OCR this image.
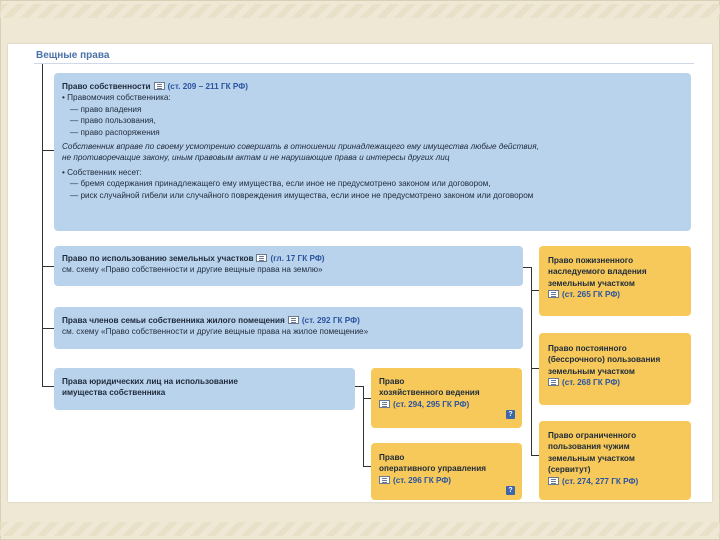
Вещные права
Право собственности (ст. 209 – 211 ГК РФ)
• Правомочия собственника:
— право владения
— право пользования,
— право распоряжения
Собственник вправе по своему усмотрению совершать в отношении принадлежащего ему имущества любые действия,
не противоречащие закону, иным правовым актам и не нарушающие права и интересы других лиц
• Собственник несет:
— бремя содержания принадлежащего ему имущества, если иное не предусмотрено законом или договором,
— риск случайной гибели или случайного повреждения имущества, если иное не предусмотрено законом или договором
Право по использованию земельных участков (гл. 17 ГК РФ)
см. схему «Право собственности и другие вещные права на землю»
Права членов семьи собственника жилого помещения (ст. 292 ГК РФ)
см. схему «Право собственности и другие вещные права на жилое помещение»
Права юридических лиц на использование
имущества собственника
Право
хозяйственного ведения
(ст. 294, 295 ГК РФ)
?
Право
оперативного управления
(ст. 296 ГК РФ)
?
Право пожизненного
наследуемого владения
земельным участком
(ст. 265 ГК РФ)
Право постоянного
(бессрочного) пользования
земельным участком
(ст. 268 ГК РФ)
Право ограниченного
пользования чужим
земельным участком
(сервитут)
(ст. 274, 277 ГК РФ)
